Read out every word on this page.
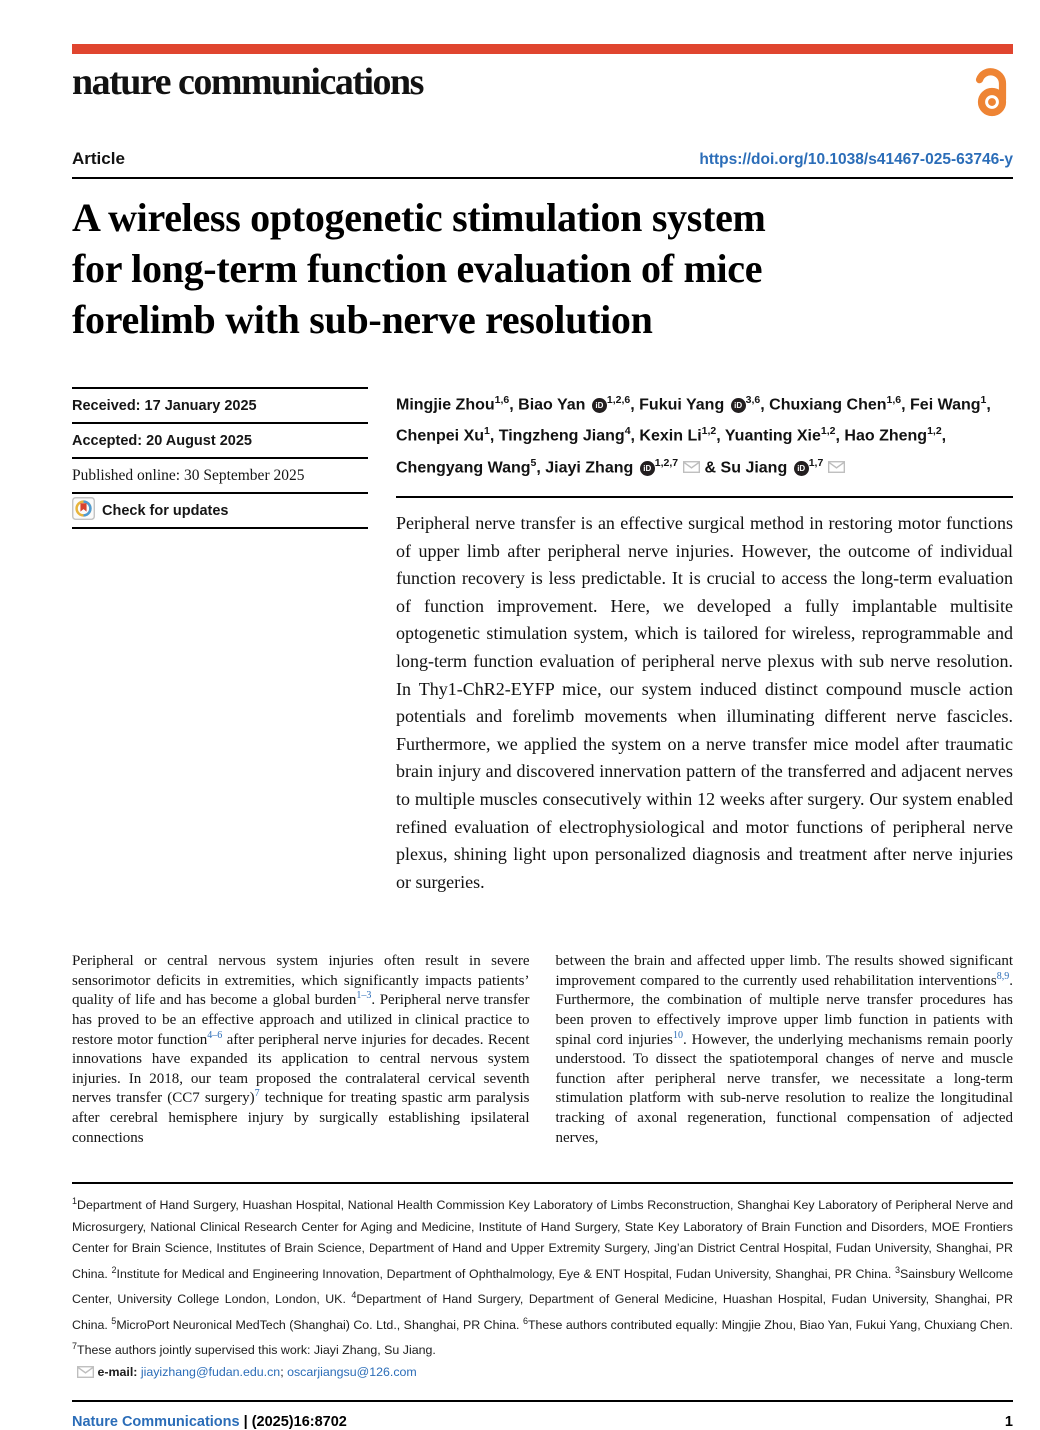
nature communications
Article	https://doi.org/10.1038/s41467-025-63746-y
A wireless optogenetic stimulation system
for long-term function evaluation of mice
forelimb with sub-nerve resolution
Received: 17 January 2025
Accepted: 20 August 2025
Published online: 30 September 2025
Check for updates

Mingjie Zhou$^{1,6}$, Biao Yan iD $^{1,2,6}$, Fukui Yang iD $^{3,6}$, Chuxiang Chen$^{1,6}$, Fei Wang$^1$, Chenpei Xu$^1$, Tingzheng Jiang$^4$, Kexin Li$^{1,2}$, Yuanting Xie$^{1,2}$, Hao Zheng$^{1,2}$, Chengyang Wang$^5$, Jiayi Zhang iD $^{1,2,7}$ & Su Jiang iD $^{1,7}$

Peripheral nerve transfer is an effective surgical method in restoring motor functions of upper limb after peripheral nerve injuries. However, the outcome of individual function recovery is less predictable. It is crucial to access the long-term evaluation of function improvement. Here, we developed a fully implantable multisite optogenetic stimulation system, which is tailored for wireless, reprogrammable and long-term function evaluation of peripheral nerve plexus with sub nerve resolution. In Thy1-ChR2-EYFP mice, our system induced distinct compound muscle action potentials and forelimb movements when illuminating different nerve fascicles. Furthermore, we applied the system on a nerve transfer mice model after traumatic brain injury and discovered innervation pattern of the transferred and adjacent nerves to multiple muscles consecutively within 12 weeks after surgery. Our system enabled refined evaluation of electrophysiological and motor functions of peripheral nerve plexus, shining light upon personalized diagnosis and treatment after nerve injuries or surgeries.

Peripheral or central nervous system injuries often result in severe sensorimotor deficits in extremities, which significantly impacts patients’ quality of life and has become a global burden$^{1-3}$. Peripheral nerve transfer has proved to be an effective approach and utilized in clinical practice to restore motor function$^{4-6}$ after peripheral nerve injuries for decades. Recent innovations have expanded its application to central nervous system injuries. In 2018, our team proposed the contralateral cervical seventh nerves transfer (CC7 surgery)$^7$ technique for treating spastic arm paralysis after cerebral hemisphere injury by surgically establishing ipsilateral connections

between the brain and affected upper limb. The results showed significant improvement compared to the currently used rehabilitation interventions$^{8,9}$. Furthermore, the combination of multiple nerve transfer procedures has been proven to effectively improve upper limb function in patients with spinal cord injuries$^{10}$. However, the underlying mechanisms remain poorly understood. To dissect the spatiotemporal changes of nerve and muscle function after peripheral nerve transfer, we necessitate a long-term stimulation platform with sub-nerve resolution to realize the longitudinal tracking of axonal regeneration, functional compensation of adjected nerves,

$^1$Department of Hand Surgery, Huashan Hospital, National Health Commission Key Laboratory of Limbs Reconstruction, Shanghai Key Laboratory of Peripheral Nerve and Microsurgery, National Clinical Research Center for Aging and Medicine, Institute of Hand Surgery, State Key Laboratory of Brain Function and Disorders, MOE Frontiers Center for Brain Science, Institutes of Brain Science, Department of Hand and Upper Extremity Surgery, Jing’an District Central Hospital, Fudan University, Shanghai, PR China. $^2$Institute for Medical and Engineering Innovation, Department of Ophthalmology, Eye & ENT Hospital, Fudan University, Shanghai, PR China. $^3$Sainsbury Wellcome Center, University College London, London, UK. $^4$Department of Hand Surgery, Department of General Medicine, Huashan Hospital, Fudan University, Shanghai, PR China. $^5$MicroPort Neuronical MedTech (Shanghai) Co. Ltd., Shanghai, PR China. $^6$These authors contributed equally: Mingjie Zhou, Biao Yan, Fukui Yang, Chuxiang Chen. $^7$These authors jointly supervised this work: Jiayi Zhang, Su Jiang.

e-mail: jiayizhang@fudan.edu.cn; oscarjiangsu@126.com
Nature Communications | (2025)16:8702	1
